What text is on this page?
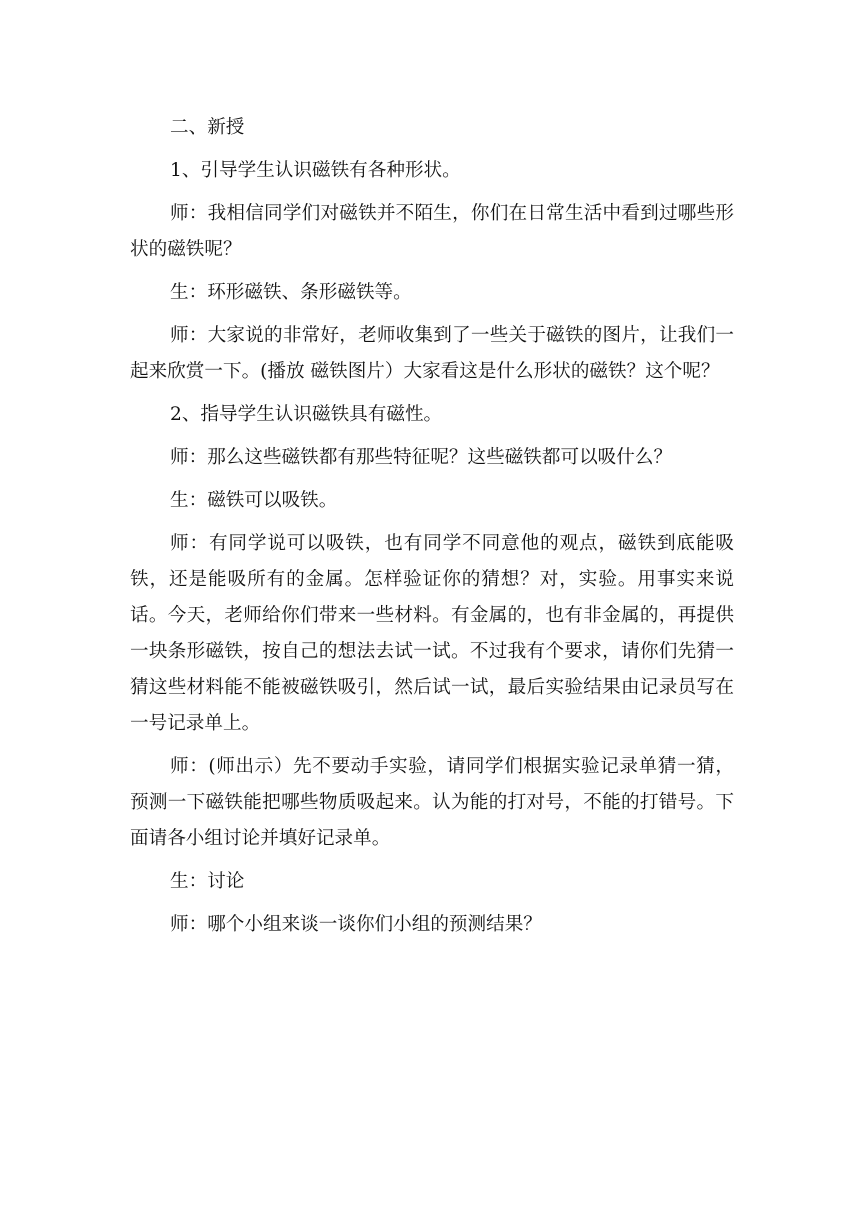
二、新授

1、引导学生认识磁铁有各种形状。

师：我相信同学们对磁铁并不陌生，你们在日常生活中看到过哪些形状的磁铁呢？

生：环形磁铁、条形磁铁等。

师：大家说的非常好，老师收集到了一些关于磁铁的图片，让我们一起来欣赏一下。(播放 磁铁图片）大家看这是什么形状的磁铁？这个呢？

2、指导学生认识磁铁具有磁性。

师：那么这些磁铁都有那些特征呢？这些磁铁都可以吸什么？

生：磁铁可以吸铁。

师：有同学说可以吸铁，也有同学不同意他的观点，磁铁到底能吸铁，还是能吸所有的金属。怎样验证你的猜想？对，实验。用事实来说话。今天，老师给你们带来一些材料。有金属的，也有非金属的，再提供一块条形磁铁，按自己的想法去试一试。不过我有个要求，请你们先猜一猜这些材料能不能被磁铁吸引，然后试一试，最后实验结果由记录员写在一号记录单上。

师：(师出示）先不要动手实验，请同学们根据实验记录单猜一猜，预测一下磁铁能把哪些物质吸起来。认为能的打对号，不能的打错号。下面请各小组讨论并填好记录单。

生：讨论

师：哪个小组来谈一谈你们小组的预测结果？
